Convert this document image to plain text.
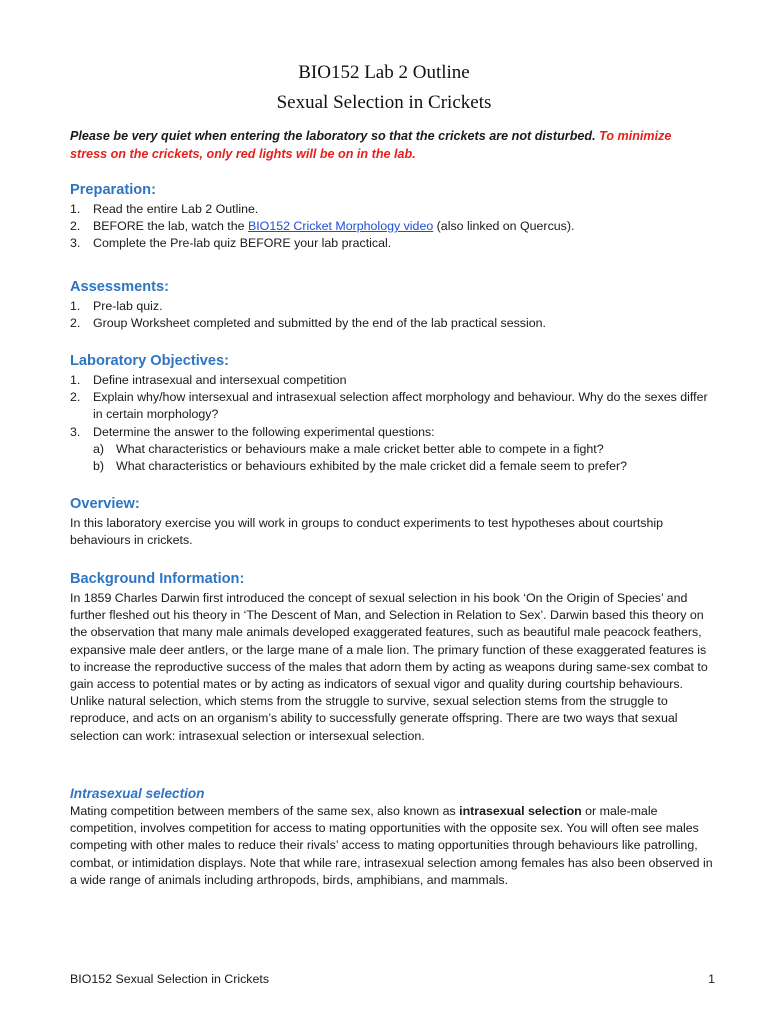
BIO152 Lab 2 Outline
Sexual Selection in Crickets
Please be very quiet when entering the laboratory so that the crickets are not disturbed. To minimize stress on the crickets, only red lights will be on in the lab.
Preparation:
1.	Read the entire Lab 2 Outline.
2.	BEFORE the lab, watch the BIO152 Cricket Morphology video (also linked on Quercus).
3.	Complete the Pre-lab quiz BEFORE your lab practical.
Assessments:
1.	Pre-lab quiz.
2.	Group Worksheet completed and submitted by the end of the lab practical session.
Laboratory Objectives:
1.	Define intrasexual and intersexual competition
2.	Explain why/how intersexual and intrasexual selection affect morphology and behaviour. Why do the sexes differ in certain morphology?
3.	Determine the answer to the following experimental questions:
a) What characteristics or behaviours make a male cricket better able to compete in a fight?
b) What characteristics or behaviours exhibited by the male cricket did a female seem to prefer?
Overview:

In this laboratory exercise you will work in groups to conduct experiments to test hypotheses about courtship behaviours in crickets.

Background Information:

In 1859 Charles Darwin first introduced the concept of sexual selection in his book ‘On the Origin of Species’ and further fleshed out his theory in ‘The Descent of Man, and Selection in Relation to Sex’. Darwin based this theory on the observation that many male animals developed exaggerated features, such as beautiful male peacock feathers, expansive male deer antlers, or the large mane of a male lion. The primary function of these exaggerated features is to increase the reproductive success of the males that adorn them by acting as weapons during same-sex combat to gain access to potential mates or by acting as indicators of sexual vigor and quality during courtship behaviours.

Unlike natural selection, which stems from the struggle to survive, sexual selection stems from the struggle to reproduce, and acts on an organism’s ability to successfully generate offspring. There are two ways that sexual selection can work: intrasexual selection or intersexual selection.

Intrasexual selection

Mating competition between members of the same sex, also known as intrasexual selection or male-male competition, involves competition for access to mating opportunities with the opposite sex. You will often see males competing with other males to reduce their rivals’ access to mating opportunities through behaviours like patrolling, combat, or intimidation displays. Note that while rare, intrasexual selection among females has also been observed in a wide range of animals including arthropods, birds, amphibians, and mammals.

BIO152 Sexual Selection in Crickets	1
